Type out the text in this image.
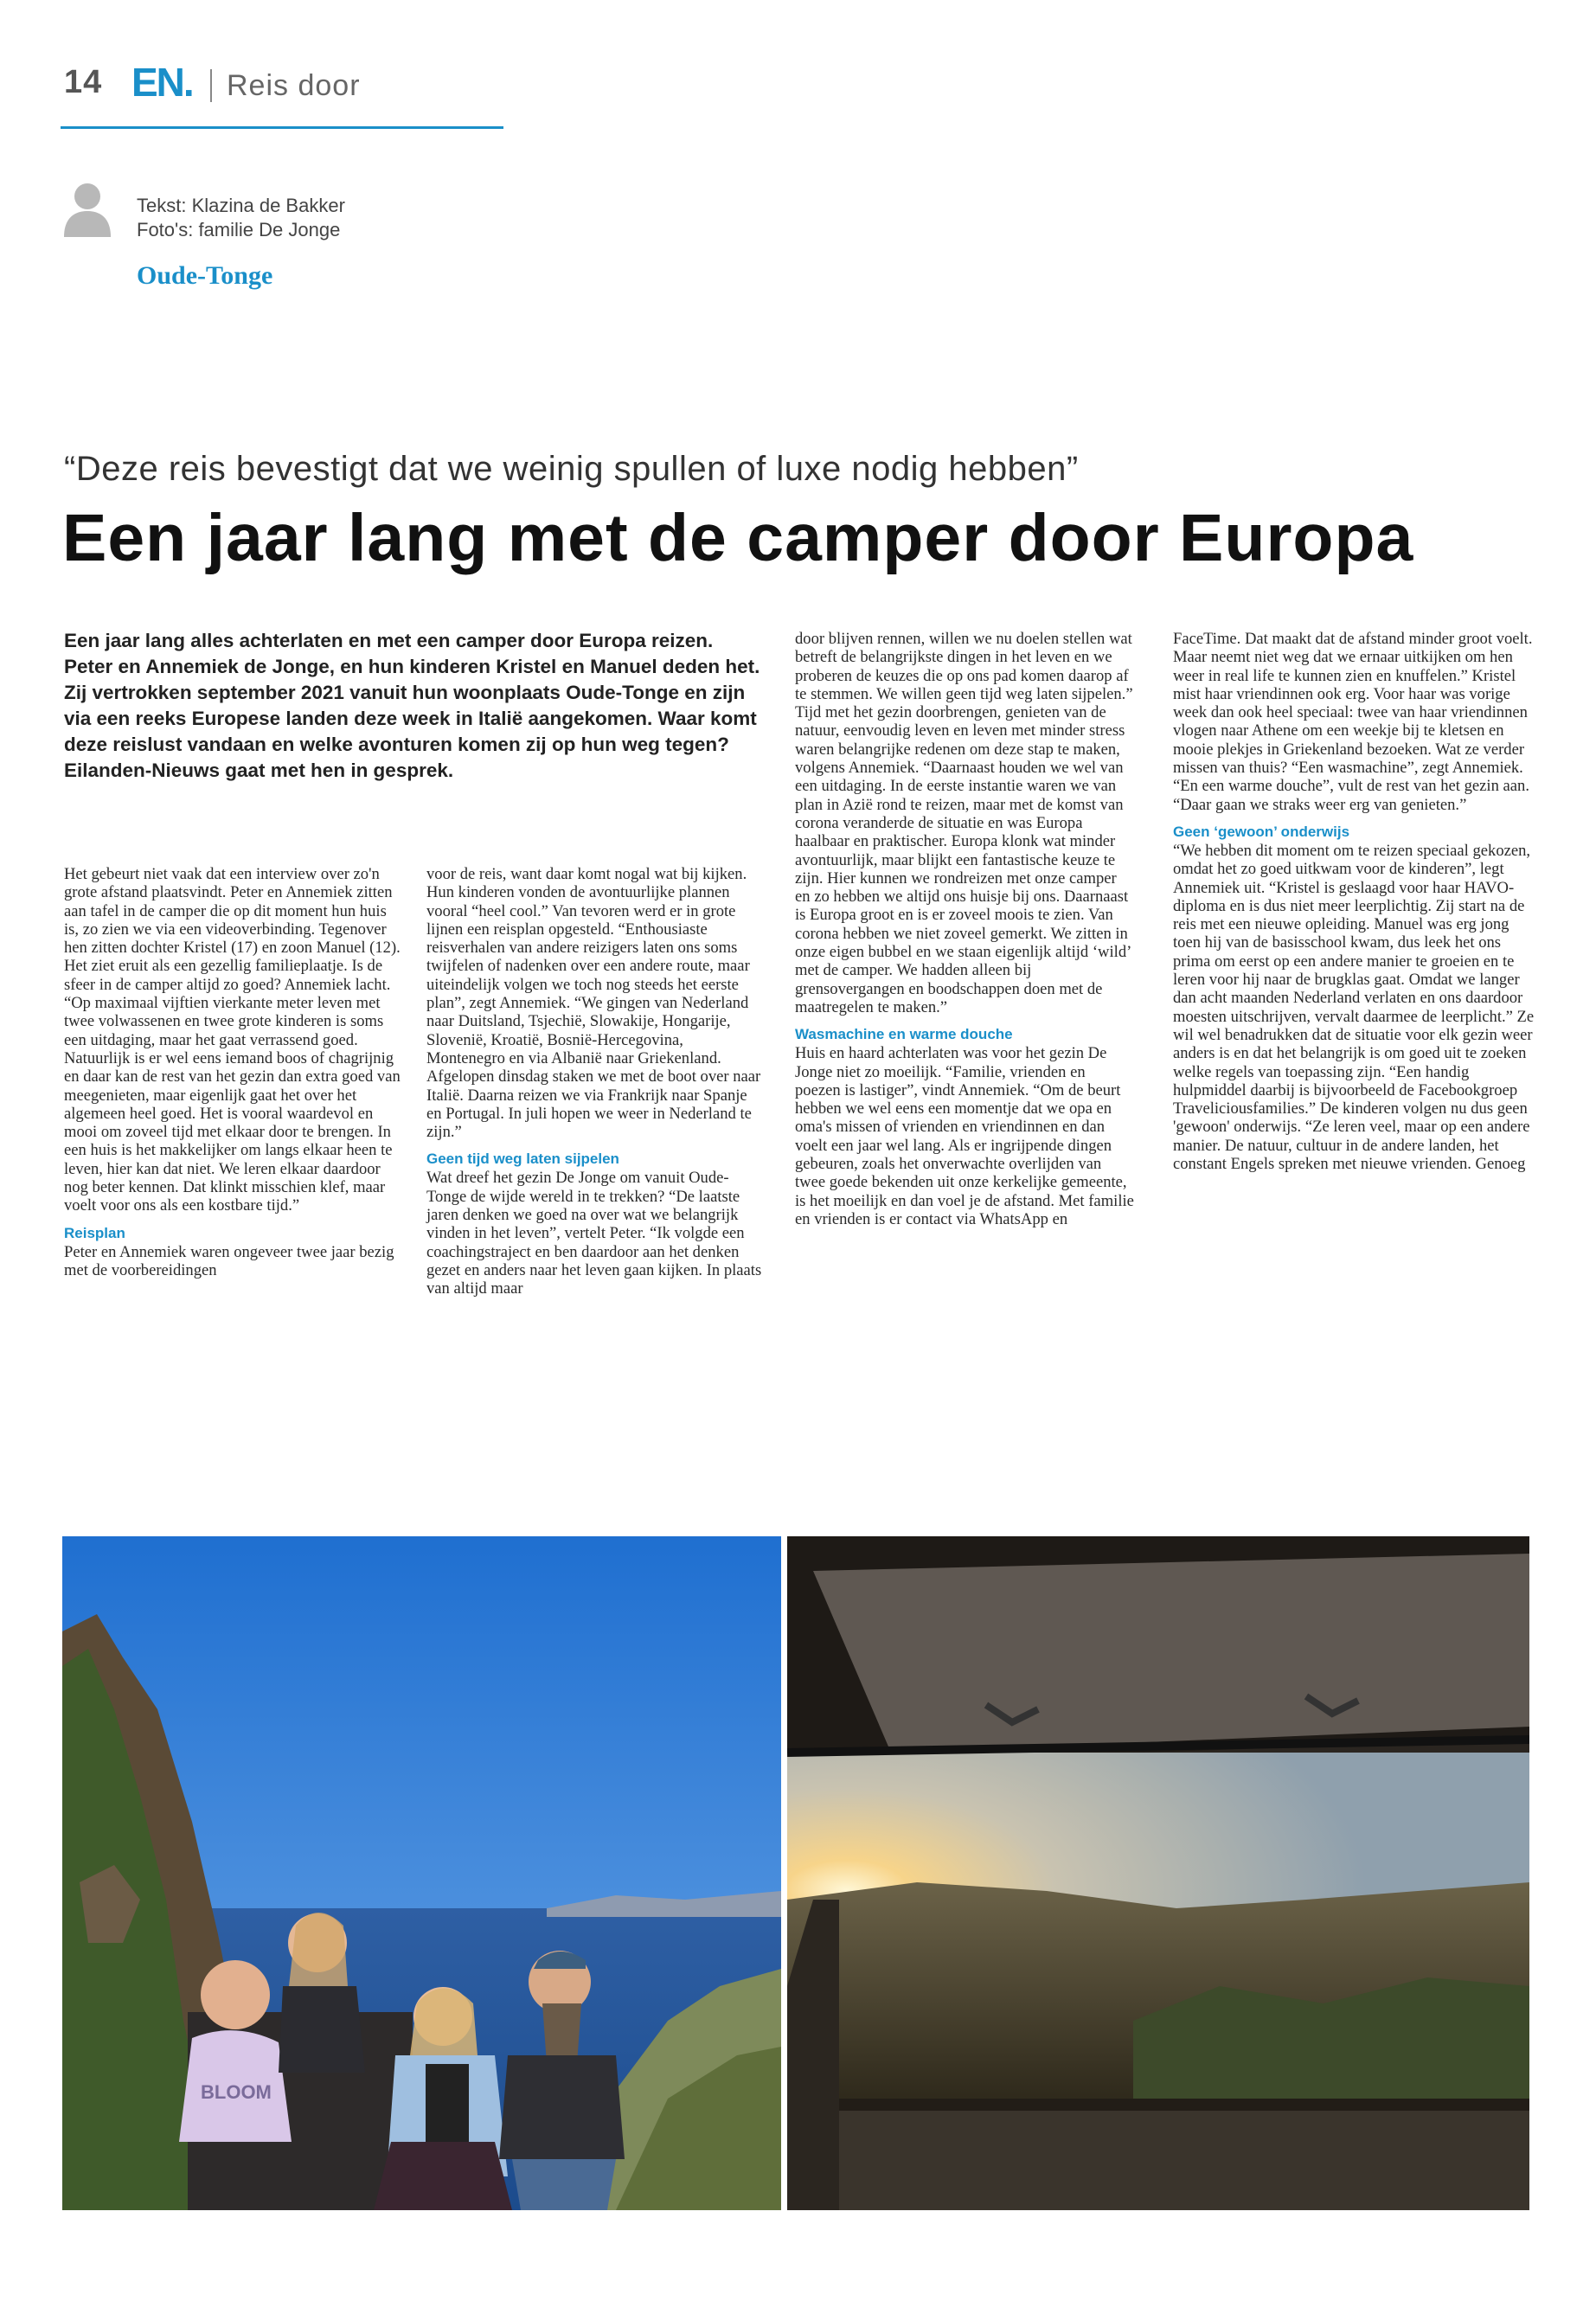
14 EN. Reis door
Tekst: Klazina de Bakker
Foto's: familie De Jonge
Oude-Tonge
“Deze reis bevestigt dat we weinig spullen of luxe nodig hebben”
Een jaar lang met de camper door Europa

Een jaar lang alles achterlaten en met een camper door Europa reizen. Peter en Annemiek de Jonge, en hun kinderen Kristel en Manuel deden het. Zij vertrokken september 2021 vanuit hun woonplaats Oude-Tonge en zijn via een reeks Europese landen deze week in Italië aangekomen. Waar komt deze reislust vandaan en welke avonturen komen zij op hun weg tegen? Eilanden-Nieuws gaat met hen in gesprek.

Het gebeurt niet vaak dat een interview over zo'n grote afstand plaatsvindt. Peter en Annemiek zitten aan tafel in de camper die op dit moment hun huis is, zo zien we via een videoverbinding. Tegenover hen zitten dochter Kristel (17) en zoon Manuel (12). Het ziet eruit als een gezellig familieplaatje. Is de sfeer in de camper altijd zo goed? Annemiek lacht. “Op maximaal vijftien vierkante meter leven met twee volwassenen en twee grote kinderen is soms een uitdaging, maar het gaat verrassend goed. Natuurlijk is er wel eens iemand boos of chagrijnig en daar kan de rest van het gezin dan extra goed van meegenieten, maar eigenlijk gaat het over het algemeen heel goed. Het is vooral waardevol en mooi om zoveel tijd met elkaar door te brengen. In een huis is het makkelijker om langs elkaar heen te leven, hier kan dat niet. We leren elkaar daardoor nog beter kennen. Dat klinkt misschien klef, maar voelt voor ons als een kostbare tijd.”

Reisplan

Peter en Annemiek waren ongeveer twee jaar bezig met de voorbereidingen

voor de reis, want daar komt nogal wat bij kijken. Hun kinderen vonden de avontuurlijke plannen vooral “heel cool.” Van tevoren werd er in grote lijnen een reisplan opgesteld. “Enthousiaste reisverhalen van andere reizigers laten ons soms twijfelen of nadenken over een andere route, maar uiteindelijk volgen we toch nog steeds het eerste plan”, zegt Annemiek. “We gingen van Nederland naar Duitsland, Tsjechië, Slowakije, Hongarije, Slovenië, Kroatië, Bosnië-Hercegovina, Montenegro en via Albanië naar Griekenland. Afgelopen dinsdag staken we met de boot over naar Italië. Daarna reizen we via Frankrijk naar Spanje en Portugal. In juli hopen we weer in Nederland te zijn.”

Geen tijd weg laten sijpelen

Wat dreef het gezin De Jonge om vanuit Oude-Tonge de wijde wereld in te trekken? “De laatste jaren denken we goed na over wat we belangrijk vinden in het leven”, vertelt Peter. “Ik volgde een coachingstraject en ben daardoor aan het denken gezet en anders naar het leven gaan kijken. In plaats van altijd maar

door blijven rennen, willen we nu doelen stellen wat betreft de belangrijkste dingen in het leven en we proberen de keuzes die op ons pad komen daarop af te stemmen. We willen geen tijd weg laten sijpelen.” Tijd met het gezin doorbrengen, genieten van de natuur, eenvoudig leven en leven met minder stress waren belangrijke redenen om deze stap te maken, volgens Annemiek. “Daarnaast houden we wel van een uitdaging. In de eerste instantie waren we van plan in Azië rond te reizen, maar met de komst van corona veranderde de situatie en was Europa haalbaar en praktischer. Europa klonk wat minder avontuurlijk, maar blijkt een fantastische keuze te zijn. Hier kunnen we rondreizen met onze camper en zo hebben we altijd ons huisje bij ons. Daarnaast is Europa groot en is er zoveel moois te zien. Van corona hebben we niet zoveel gemerkt. We zitten in onze eigen bubbel en we staan eigenlijk altijd ‘wild’ met de camper. We hadden alleen bij grensovergangen en boodschappen doen met de maatregelen te maken.”

Wasmachine en warme douche

Huis en haard achterlaten was voor het gezin De Jonge niet zo moeilijk. “Familie, vrienden en poezen is lastiger”, vindt Annemiek. “Om de beurt hebben we wel eens een momentje dat we opa en oma's missen of vrienden en vriendinnen en dan voelt een jaar wel lang. Als er ingrijpende dingen gebeuren, zoals het onverwachte overlijden van twee goede bekenden uit onze kerkelijke gemeente, is het moeilijk en dan voel je de afstand. Met familie en vrienden is er contact via WhatsApp en

FaceTime. Dat maakt dat de afstand minder groot voelt. Maar neemt niet weg dat we ernaar uitkijken om hen weer in real life te kunnen zien en knuffelen.” Kristel mist haar vriendinnen ook erg. Voor haar was vorige week dan ook heel speciaal: twee van haar vriendinnen vlogen naar Athene om een weekje bij te kletsen en mooie plekjes in Griekenland bezoeken. Wat ze verder missen van thuis? “Een wasmachine”, zegt Annemiek. “En een warme douche”, vult de rest van het gezin aan. “Daar gaan we straks weer erg van genieten.”

Geen ‘gewoon’ onderwijs

“We hebben dit moment om te reizen speciaal gekozen, omdat het zo goed uitkwam voor de kinderen”, legt Annemiek uit. “Kristel is geslaagd voor haar HAVO-diploma en is dus niet meer leerplichtig. Zij start na de reis met een nieuwe opleiding. Manuel was erg jong toen hij van de basisschool kwam, dus leek het ons prima om eerst op een andere manier te groeien en te leren voor hij naar de brugklas gaat. Omdat we langer dan acht maanden Nederland verlaten en ons daardoor moesten uitschrijven, vervalt daarmee de leerplicht.” Ze wil wel benadrukken dat de situatie voor elk gezin weer anders is en dat het belangrijk is om goed uit te zoeken welke regels van toepassing zijn. “Een handig hulpmiddel daarbij is bijvoorbeeld de Facebookgroep Traveliciousfamilies.” De kinderen volgen nu dus geen 'gewoon' onderwijs. “Ze leren veel, maar op een andere manier. De natuur, cultuur in de andere landen, het constant Engels spreken met nieuwe vrienden. Genoeg

BLOOM
